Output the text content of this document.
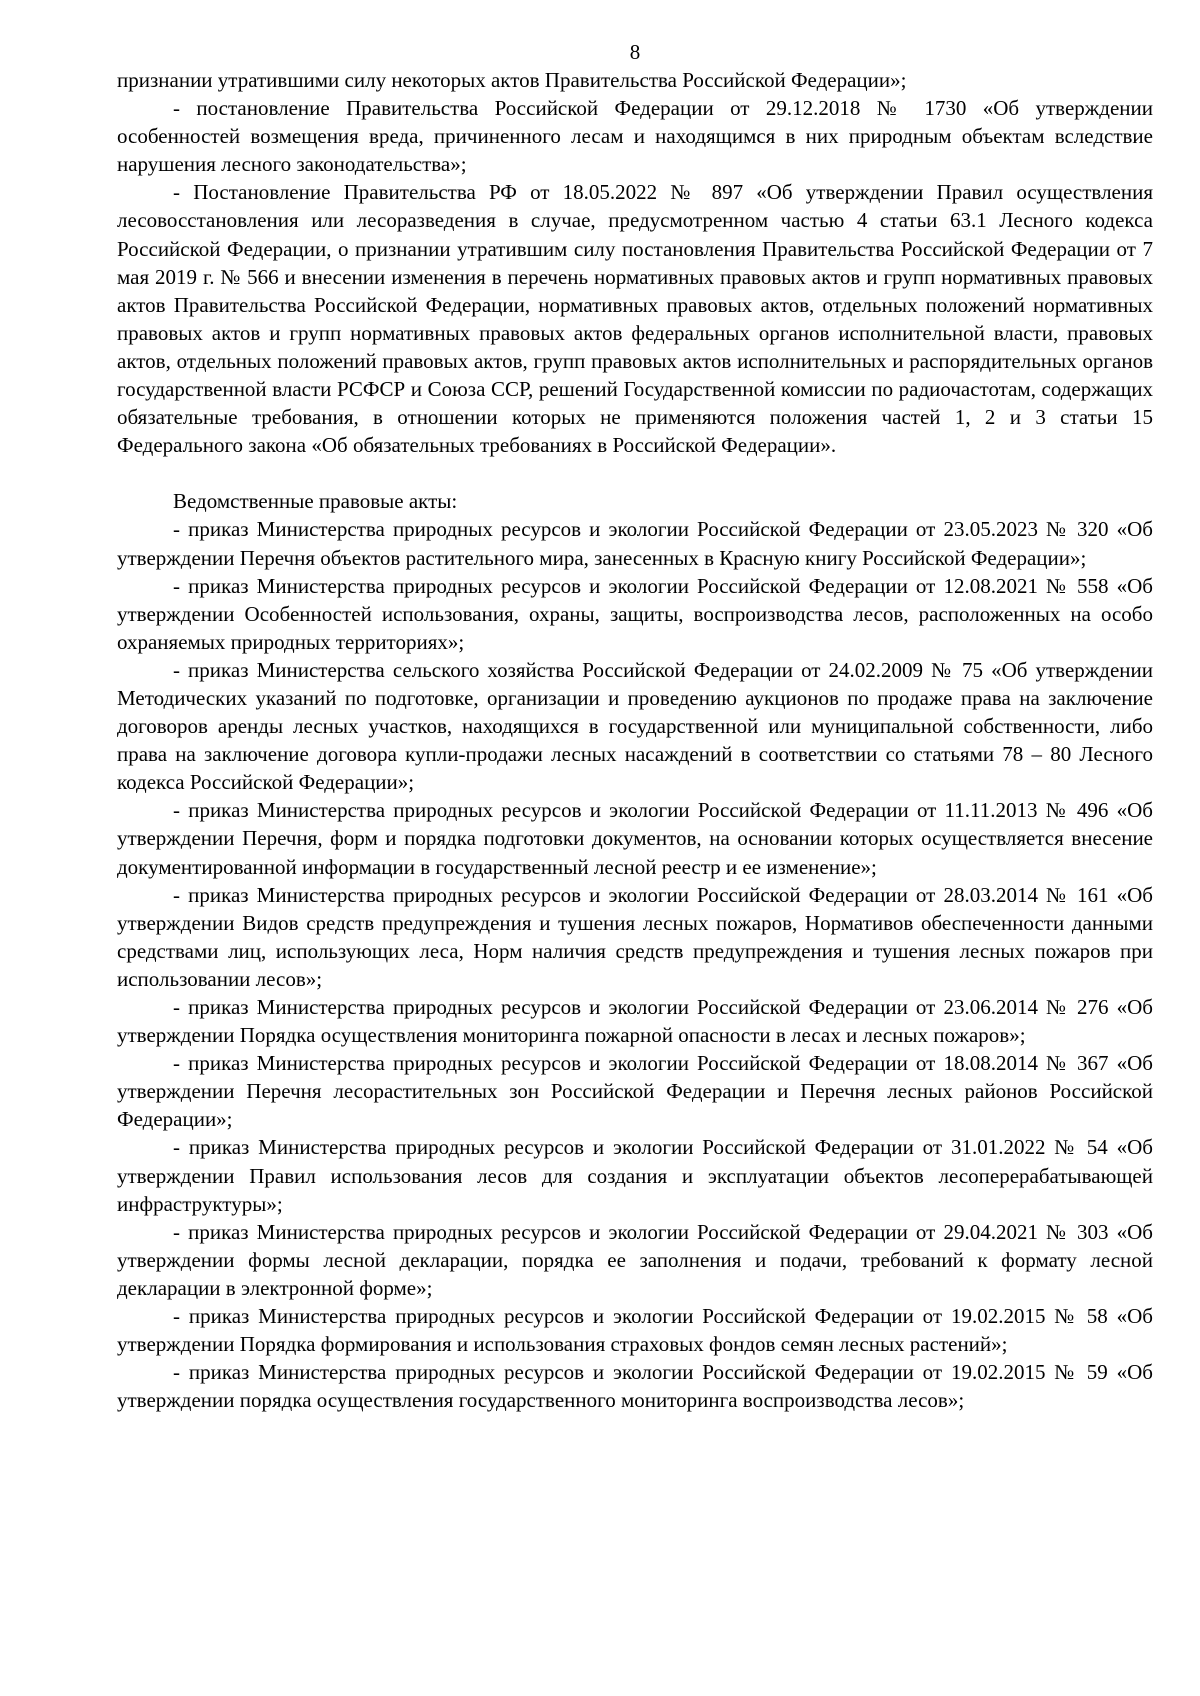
8

признании утратившими силу некоторых актов Правительства Российской Федерации»;

- постановление Правительства Российской Федерации от 29.12.2018 № 1730 «Об утверждении особенностей возмещения вреда, причиненного лесам и находящимся в них природным объектам вследствие нарушения лесного законодательства»;

- Постановление Правительства РФ от 18.05.2022 № 897 «Об утверждении Правил осуществления лесовосстановления или лесоразведения в случае, предусмотренном частью 4 статьи 63.1 Лесного кодекса Российской Федерации, о признании утратившим силу постановления Правительства Российской Федерации от 7 мая 2019 г. № 566 и внесении изменения в перечень нормативных правовых актов и групп нормативных правовых актов Правительства Российской Федерации, нормативных правовых актов, отдельных положений нормативных правовых актов и групп нормативных правовых актов федеральных органов исполнительной власти, правовых актов, отдельных положений правовых актов, групп правовых актов исполнительных и распорядительных органов государственной власти РСФСР и Союза ССР, решений Государственной комиссии по радиочастотам, содержащих обязательные требования, в отношении которых не применяются положения частей 1, 2 и 3 статьи 15 Федерального закона «Об обязательных требованиях в Российской Федерации».

Ведомственные правовые акты:

- приказ Министерства природных ресурсов и экологии Российской Федерации от 23.05.2023 № 320 «Об утверждении Перечня объектов растительного мира, занесенных в Красную книгу Российской Федерации»;

- приказ Министерства природных ресурсов и экологии Российской Федерации от 12.08.2021 № 558 «Об утверждении Особенностей использования, охраны, защиты, воспроизводства лесов, расположенных на особо охраняемых природных территориях»;

- приказ Министерства сельского хозяйства Российской Федерации от 24.02.2009 № 75 «Об утверждении Методических указаний по подготовке, организации и проведению аукционов по продаже права на заключение договоров аренды лесных участков, находящихся в государственной или муниципальной собственности, либо права на заключение договора купли-продажи лесных насаждений в соответствии со статьями 78 – 80 Лесного кодекса Российской Федерации»;

- приказ Министерства природных ресурсов и экологии Российской Федерации от 11.11.2013 № 496 «Об утверждении Перечня, форм и порядка подготовки документов, на основании которых осуществляется внесение документированной информации в государственный лесной реестр и ее изменение»;

- приказ Министерства природных ресурсов и экологии Российской Федерации от 28.03.2014 № 161 «Об утверждении Видов средств предупреждения и тушения лесных пожаров, Нормативов обеспеченности данными средствами лиц, использующих леса, Норм наличия средств предупреждения и тушения лесных пожаров при использовании лесов»;

- приказ Министерства природных ресурсов и экологии Российской Федерации от 23.06.2014 № 276 «Об утверждении Порядка осуществления мониторинга пожарной опасности в лесах и лесных пожаров»;

- приказ Министерства природных ресурсов и экологии Российской Федерации от 18.08.2014 № 367 «Об утверждении Перечня лесорастительных зон Российской Федерации и Перечня лесных районов Российской Федерации»;

- приказ Министерства природных ресурсов и экологии Российской Федерации от 31.01.2022 № 54 «Об утверждении Правил использования лесов для создания и эксплуатации объектов лесоперерабатывающей инфраструктуры»;

- приказ Министерства природных ресурсов и экологии Российской Федерации от 29.04.2021 № 303 «Об утверждении формы лесной декларации, порядка ее заполнения и подачи, требований к формату лесной декларации в электронной форме»;

- приказ Министерства природных ресурсов и экологии Российской Федерации от 19.02.2015 № 58 «Об утверждении Порядка формирования и использования страховых фондов семян лесных растений»;

- приказ Министерства природных ресурсов и экологии Российской Федерации от 19.02.2015 № 59 «Об утверждении порядка осуществления государственного мониторинга воспроизводства лесов»;
